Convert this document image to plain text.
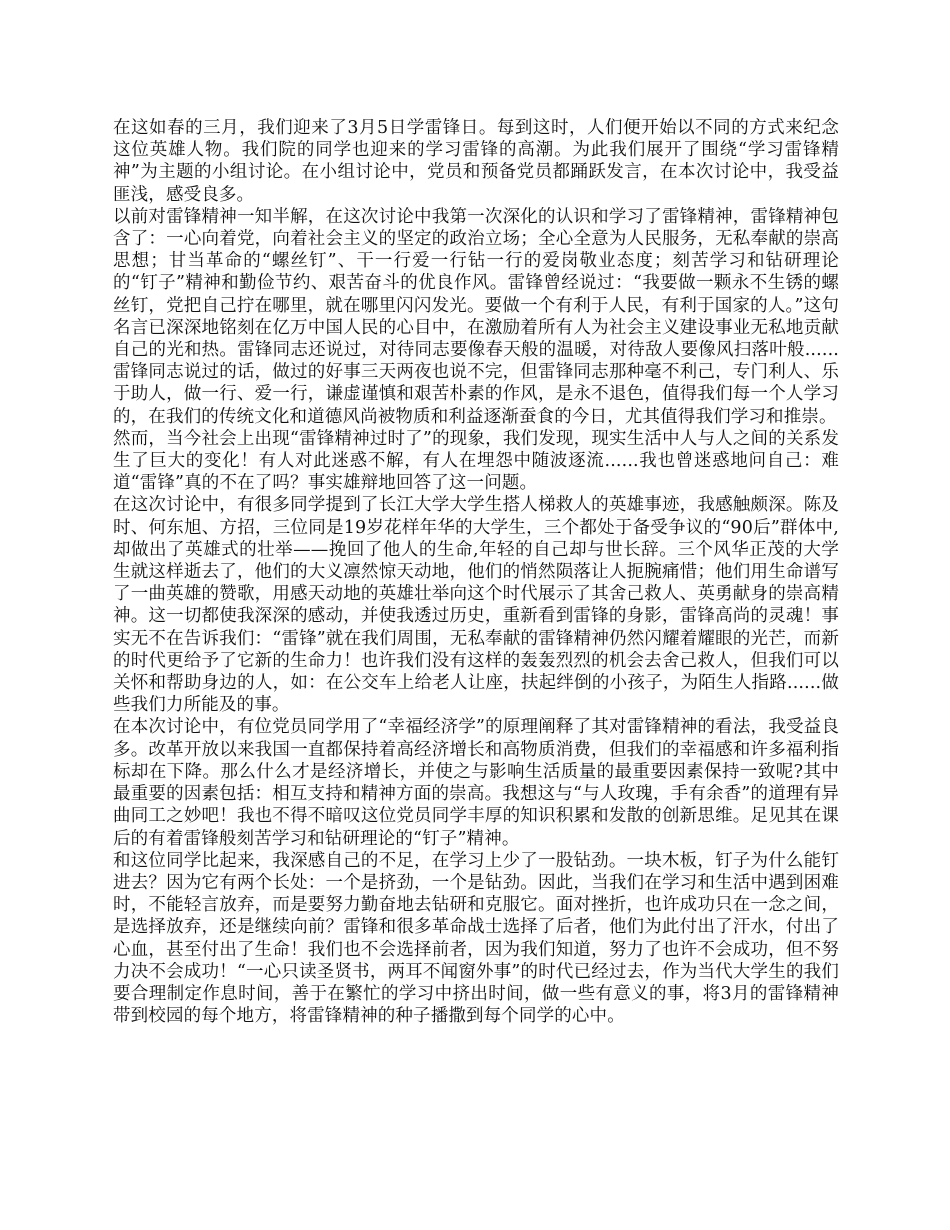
在这如春的三月，我们迎来了3月5日学雷锋日。每到这时，人们便开始以不同的方式来纪念这位英雄人物。我们院的同学也迎来的学习雷锋的高潮。为此我们展开了围绕“学习雷锋精神”为主题的小组讨论。在小组讨论中，党员和预备党员都踊跃发言，在本次讨论中，我受益匪浅，感受良多。

以前对雷锋精神一知半解，在这次讨论中我第一次深化的认识和学习了雷锋精神，雷锋精神包含了：一心向着党，向着社会主义的坚定的政治立场；全心全意为人民服务，无私奉献的崇高思想；甘当革命的“螺丝钉”、干一行爱一行钻一行的爱岗敬业态度；刻苦学习和钻研理论的“钉子”精神和勤俭节约、艰苦奋斗的优良作风。雷锋曾经说过：“我要做一颗永不生锈的螺丝钉，党把自己拧在哪里，就在哪里闪闪发光。要做一个有利于人民，有利于国家的人。”这句名言已深深地铭刻在亿万中国人民的心目中，在激励着所有人为社会主义建设事业无私地贡献自己的光和热。雷锋同志还说过，对待同志要像春天般的温暖，对待敌人要像风扫落叶般......雷锋同志说过的话，做过的好事三天两夜也说不完，但雷锋同志那种毫不利己，专门利人、乐于助人，做一行、爱一行，谦虚谨慎和艰苦朴素的作风，是永不退色，值得我们每一个人学习的，在我们的传统文化和道德风尚被物质和利益逐渐蚕食的今日，尤其值得我们学习和推崇。

然而，当今社会上出现“雷锋精神过时了”的现象，我们发现，现实生活中人与人之间的关系发生了巨大的变化！有人对此迷惑不解，有人在埋怨中随波逐流......我也曾迷惑地问自己：难道“雷锋”真的不在了吗？事实雄辩地回答了这一问题。

在这次讨论中，有很多同学提到了长江大学大学生搭人梯救人的英雄事迹，我感触颇深。陈及时、何东旭、方招，三位同是19岁花样年华的大学生，三个都处于备受争议的“90后”群体中,却做出了英雄式的壮举——挽回了他人的生命,年轻的自己却与世长辞。三个风华正茂的大学生就这样逝去了，他们的大义凛然惊天动地，他们的悄然陨落让人扼腕痛惜；他们用生命谱写了一曲英雄的赞歌，用感天动地的英雄壮举向这个时代展示了其舍己救人、英勇献身的崇高精神。这一切都使我深深的感动，并使我透过历史，重新看到雷锋的身影，雷锋高尚的灵魂！事实无不在告诉我们：“雷锋”就在我们周围，无私奉献的雷锋精神仍然闪耀着耀眼的光芒，而新的时代更给予了它新的生命力！也许我们没有这样的轰轰烈烈的机会去舍己救人，但我们可以关怀和帮助身边的人，如：在公交车上给老人让座，扶起绊倒的小孩子，为陌生人指路......做些我们力所能及的事。

在本次讨论中，有位党员同学用了“幸福经济学”的原理阐释了其对雷锋精神的看法，我受益良多。改革开放以来我国一直都保持着高经济增长和高物质消费，但我们的幸福感和许多福利指标却在下降。那么什么才是经济增长，并使之与影响生活质量的最重要因素保持一致呢?其中最重要的因素包括：相互支持和精神方面的崇高。我想这与“与人玫瑰，手有余香”的道理有异曲同工之妙吧！我也不得不暗叹这位党员同学丰厚的知识积累和发散的创新思维。足见其在课后的有着雷锋般刻苦学习和钻研理论的“钉子”精神。

和这位同学比起来，我深感自己的不足，在学习上少了一股钻劲。一块木板，钉子为什么能钉进去？因为它有两个长处：一个是挤劲，一个是钻劲。因此，当我们在学习和生活中遇到困难时，不能轻言放弃，而是要努力勤奋地去钻研和克服它。面对挫折，也许成功只在一念之间，是选择放弃，还是继续向前？雷锋和很多革命战士选择了后者，他们为此付出了汗水，付出了心血，甚至付出了生命！我们也不会选择前者，因为我们知道，努力了也许不会成功，但不努力决不会成功！“一心只读圣贤书，两耳不闻窗外事”的时代已经过去，作为当代大学生的我们要合理制定作息时间，善于在繁忙的学习中挤出时间，做一些有意义的事，将3月的雷锋精神带到校园的每个地方，将雷锋精神的种子播撒到每个同学的心中。
